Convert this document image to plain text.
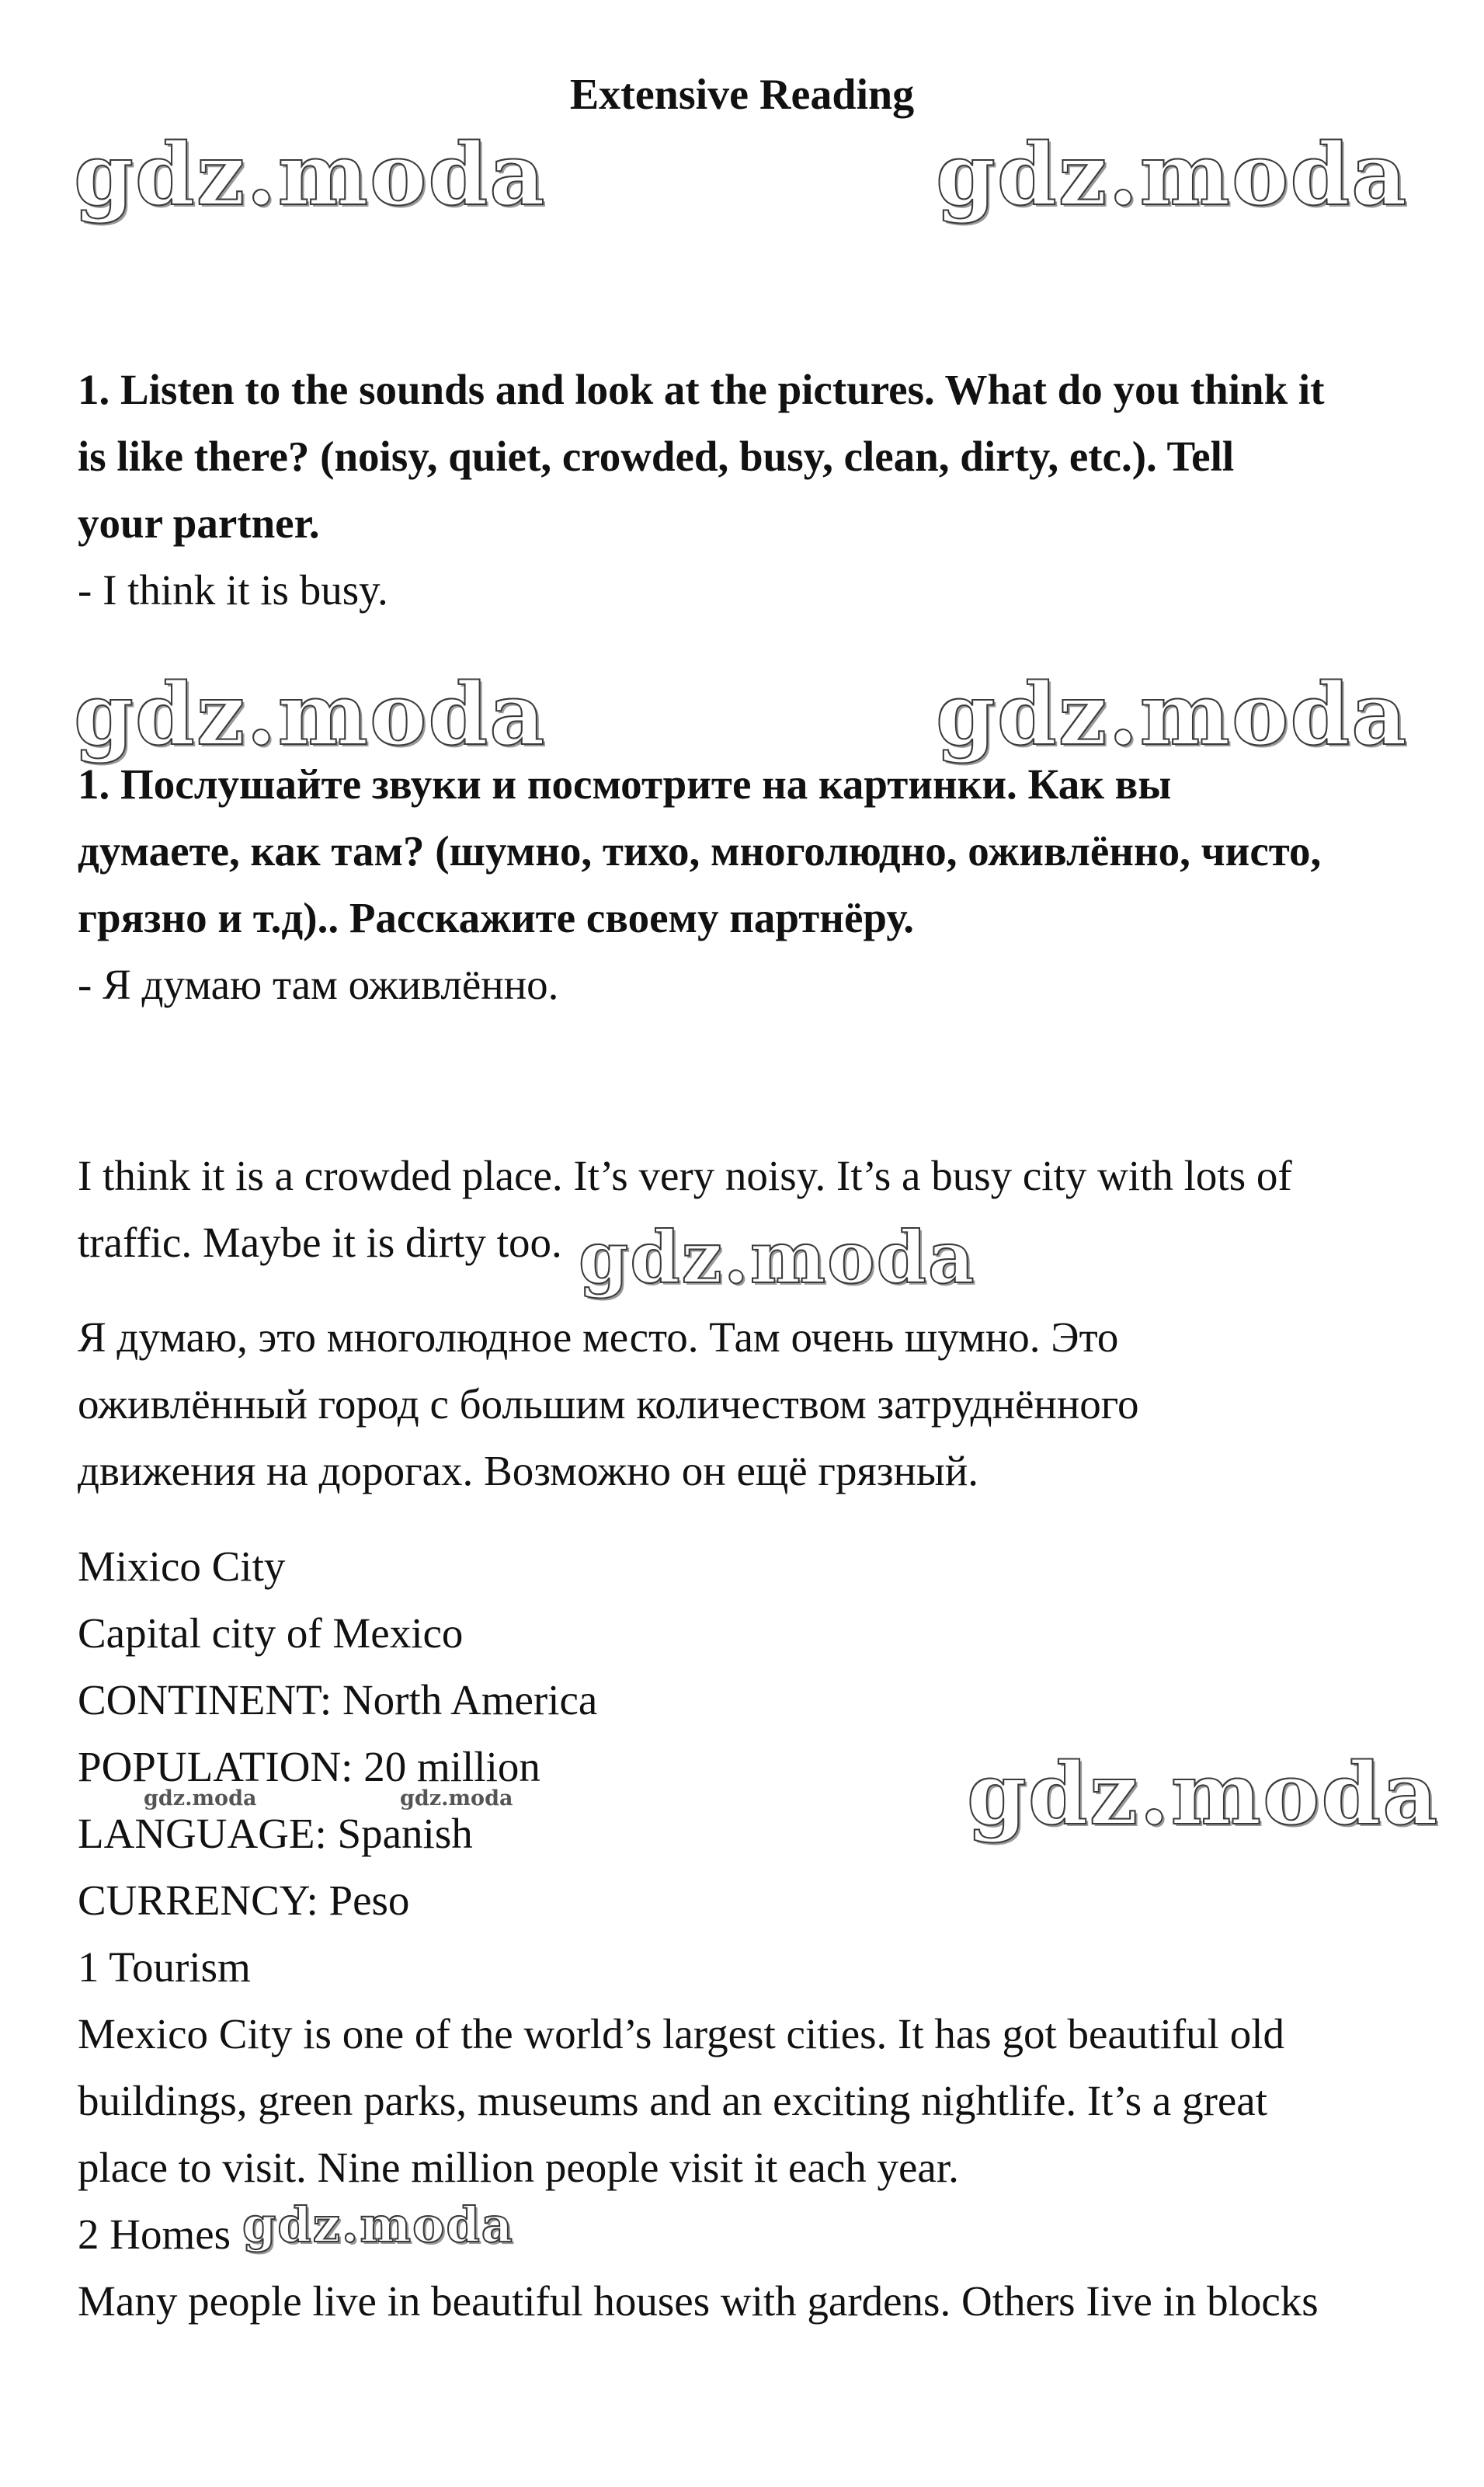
Extensive Reading
gdz.moda	gdz.moda
1. Listen to the sounds and look at the pictures. What do you think it
is like there? (noisy, quiet, crowded, busy, clean, dirty, etc.). Tell
your partner.
- I think it is busy.
gdz.moda	gdz.moda
1. Послушайте звуки и посмотрите на картинки. Как вы
думаете, как там? (шумно, тихо, многолюдно, оживлённо, чисто,
грязно и т.д).. Расскажите своему партнёру.
- Я думаю там оживлённо.
I think it is a crowded place. It’s very noisy. It’s a busy city with lots of
traffic. Maybe it is dirty too. gdz.moda
Я думаю, это многолюдное место. Там очень шумно. Это
оживлённый город с большим количеством затруднённого
движения на дорогах. Возможно он ещё грязный.
Mixico City
Capital city of Mexico
CONTINENT: North America
POPULATION: 20 million
gdz.moda	gdz.moda	gdz.moda
LANGUAGE: Spanish
CURRENCY: Peso
1 Tourism
Mexico City is one of the world’s largest cities. It has got beautiful old
buildings, green parks, museums and an exciting nightlife. It’s a great
place to visit. Nine million people visit it each year.
2 Homes gdz.moda
Many people live in beautiful houses with gardens. Others Iive in blocks
